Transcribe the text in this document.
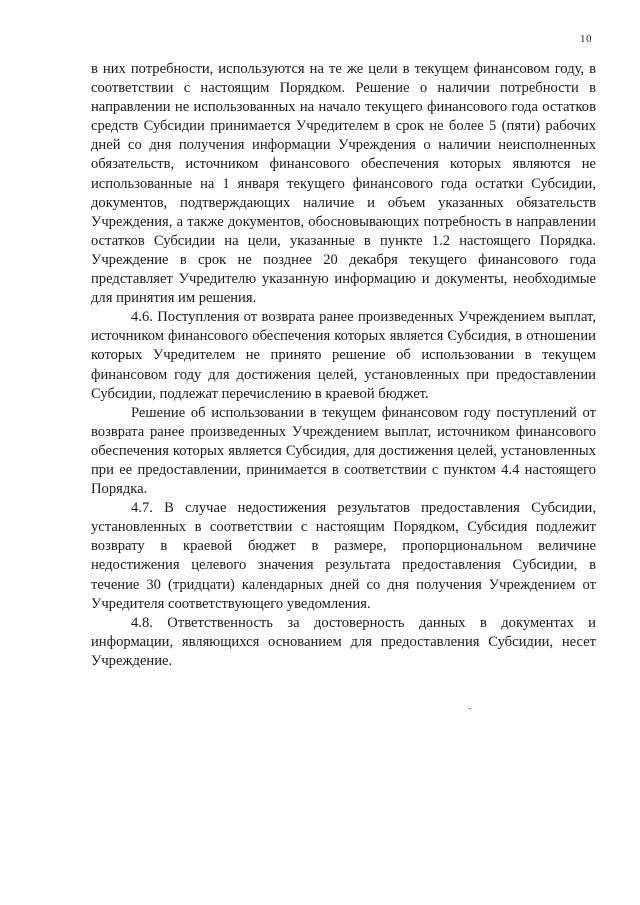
10

в них потребности, используются на те же цели в текущем финансовом году, в соответствии с настоящим Порядком. Решение о наличии потребности в направлении не использованных на начало текущего финансового года остатков средств Субсидии принимается Учредителем в срок не более 5 (пяти) рабочих дней со дня получения информации Учреждения о наличии неисполненных обязательств, источником финансового обеспечения которых являются не использованные на 1 января текущего финансового года остатки Субсидии, документов, подтверждающих наличие и объем указанных обязательств Учреждения, а также документов, обосновывающих потребность в направлении остатков Субсидии на цели, указанные в пункте 1.2 настоящего Порядка. Учреждение в срок не позднее 20 декабря текущего финансового года представляет Учредителю указанную информацию и документы, необходимые для принятия им решения.

4.6. Поступления от возврата ранее произведенных Учреждением выплат, источником финансового обеспечения которых является Субсидия, в отношении которых Учредителем не принято решение об использовании в текущем финансовом году для достижения целей, установленных при предоставлении Субсидии, подлежат перечислению в краевой бюджет.

Решение об использовании в текущем финансовом году поступлений от возврата ранее произведенных Учреждением выплат, источником финансового обеспечения которых является Субсидия, для достижения целей, установленных при ее предоставлении, принимается в соответствии с пунктом 4.4 настоящего Порядка.

4.7. В случае недостижения результатов предоставления Субсидии, установленных в соответствии с настоящим Порядком, Субсидия подлежит возврату в краевой бюджет в размере, пропорциональном величине недостижения целевого значения результата предоставления Субсидии, в течение 30 (тридцати) календарных дней со дня получения Учреждением от Учредителя соответствующего уведомления.

4.8. Ответственность за достоверность данных в документах и информации, являющихся основанием для предоставления Субсидии, несет Учреждение.
